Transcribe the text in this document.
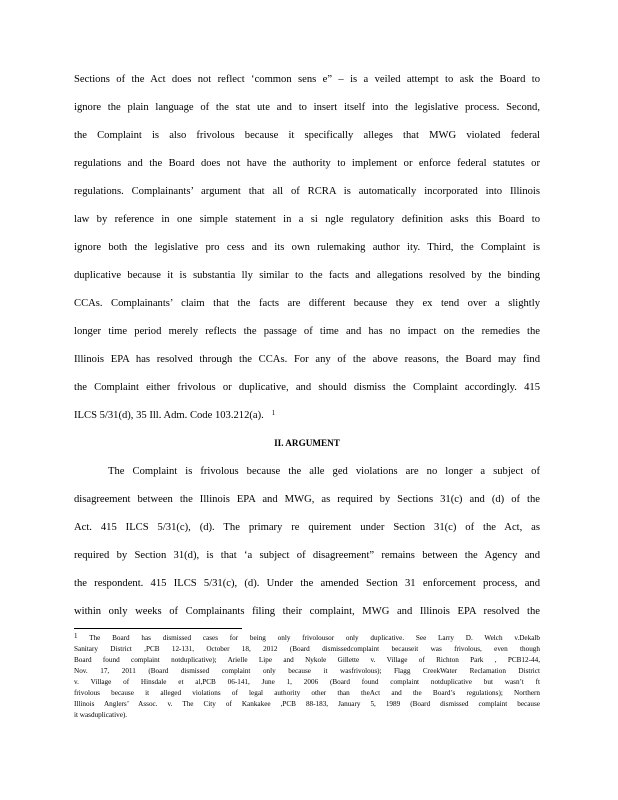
Sections of the Act does not reflect ‘common sens e” – is a veiled attempt to ask the Board to

ignore the plain language of the stat ute and to insert itself into the legislative process. Second,

the Complaint is also frivolous because it specifically alleges that MWG violated federal

regulations and the Board does not have the authority to implement or enforce federal statutes or

regulations. Complainants’ argument that all of RCRA is automatically incorporated into Illinois

law by reference in one simple statement in a si ngle regulatory definition asks this Board to

ignore both the legislative pro cess and its own rulemaking author ity. Third, the Complaint is

duplicative because it is substantia lly similar to the facts and allegations resolved by the binding

CCAs. Complainants’ claim that the facts are different because they ex tend over a slightly

longer time period merely reflects the passage of time and has no impact on the remedies the

Illinois EPA has resolved through the CCAs. For any of the above reasons, the Board may find

the Complaint either frivolous or duplicative, and should dismiss the Complaint accordingly. 415

ILCS 5/31(d), 35 Ill. Adm. Code 103.212(a). $^1$

II. ARGUMENT

The Complaint is frivolous because the alle ged violations are no longer a subject of

disagreement between the Illinois EPA and MWG, as required by Sections 31(c) and (d) of the

Act. 415 ILCS 5/31(c), (d). The primary re quirement under Section 31(c) of the Act, as

required by Section 31(d), is that ‘a subject of disagreement” remains between the Agency and

the respondent. 415 ILCS 5/31(c), (d). Under the amended Section 31 enforcement process, and

within only weeks of Complainants filing their complaint, MWG and Illinois EPA resolved the

1 The Board has dismissed cases for being only frivolousor only duplicative. See Larry D. Welch v.Dekalb

Sanitary District ,PCB 12-131, October 18, 2012 (Board dismissedcomplaint becauseit was frivolous, even though

Board found complaint notduplicative); Arielle Lipe and Nykole Gillette v. Village of Richton Park , PCB12-44,

Nov. 17, 2011 (Board dismissed complaint only because it wasfrivolous); Flagg CreekWater Reclamation District

v. Village of Hinsdale et al,PCB 06-141, June 1, 2006 (Board found complaint notduplicative but wasn’t ft

frivolous because it alleged violations of legal authority other than theAct and the Board’s regulations); Northern

Illinois Anglers’ Assoc. v. The City of Kankakee ,PCB 88-183, January 5, 1989 (Board dismissed complaint because

it wasduplicative).
